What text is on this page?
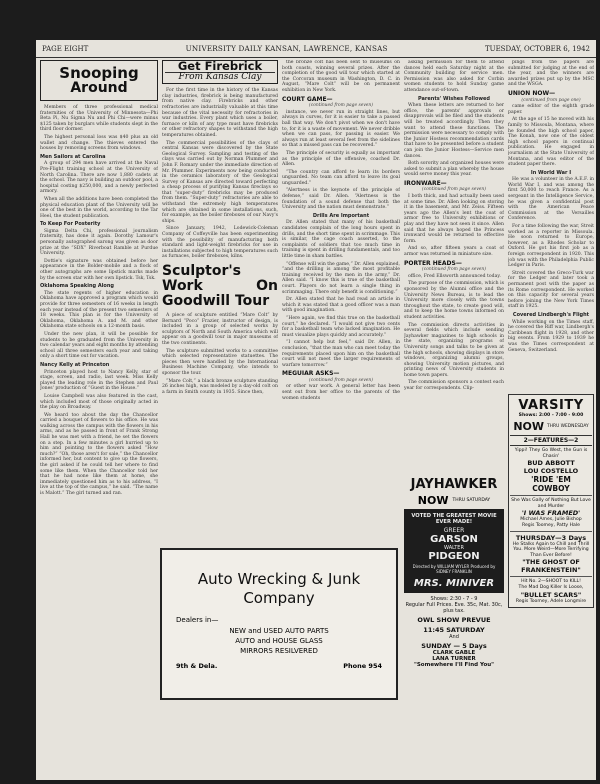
PAGE EIGHT	UNIVERSITY DAILY KANSAN, LAWRENCE, KANSAS	TUESDAY, OCTOBER 6, 1942
Snooping
Around

Members of three professional medical fraternities of the University of Minnesota—Phi Beta Pi, Nu Sigma Nu and Phi Chi—were minus $125 taken by burglars while students slept in the third floor dormer.

The highest personal loss was $40 plus an old wallet and change. The thieves entered the houses by removing screens from windows.

Men Sailors at Carolina

A group of 294 men have arrived at the Naval Pre-Flight training school at the University of North Carolina. There are now 1,880 cadets at the school. The navy is building an outdoor pool, a hospital costing $250,000, and a newly perfected armory.

When all the additions have been completed the physical education plant of the University will be one of the best in the world, according to the Tar Heel, the student publication.

To Keep For Posterity

Sigma Delta Chi, professional journalism fraternity, has done it again. Dorothy Lamour's personally autographed sarong was given as door prize at the “SDX” Riverboat Ramble at Purdue University.

Dottie's signature was obtained before her appearance in the Bolder-mobile and a flock of other autographs are some lipstick marks made by the screen star with her own lipstick. Tsk, Tsk.

Oklahoma Speaking Along

The state regents of higher education in Oklahoma have approved a program which would provide for three semesters of 16 weeks in length each year instead of the present two semesters of 18 weeks. This plan is for the University of Oklahoma, Oklahoma A. and M. and other Oklahoma state schools on a 12-month basis.

Under the new plan, it will be possible for students to be graduated from the University in two calendar years and eight months by attending school all three semesters each year and taking only a short time out for vacation.

Nancy Kelly at Princeton

Princeton played host to Nancy Kelly, star of stage, screen, and radio, last week. Miss Kelly played the leading role in the Stephen and Paul Jones' production of “Guest in the House.”

Louise Campbell was also featured in the cast, which included most of those originally acted in the play on Broadway.

We heard too about the day the Chancellor carried a bouquet of flowers to his office. He was walking across the campus with the flowers in his arms, and as he passed in front of Frank Strong Hall he was met with a friend, he set the flowers on a step. In a few minutes a girl hurried up to him and pointing to the flowers asked “How much?” “Oh, those aren't for sale,” the Chancellor informed her, but content to give up the flowers, the girl asked if he could tell her where to find some like them. When the Chancellor told her that he had none like them at home, she immediately questioned him as to his address, “I live at the top of the campus,” he said. “The name is Malott.” The girl turned and ran.

Get Firebrick
From Kansas Clay

For the first time in the history of the Kansas clay industries, firebrick is being manufactured from native clay. Firebricks and other refractories are industrially valuable at this time because of the vital necessity for refractories in war industries. Every plant which uses a boiler, furnace or kiln of any type must have firebricks or other refractory shapes to withstand the high temperatures obtained.

The commercial possibilities of the clays of central Kansas were discovered by the State Geological Survey. Sampling and testing of the clays was carried out by Norman Plummer and John F. Romary under the immediate direction of Mr. Plummer. Experiments now being conducted in the ceramics laboratory of the Geological Survey of Kansas are directed toward perfecting a cheap process of purifying Kansas fireclays so that “super-duty” firebricks may be produced from them. “Super-duty” refractories are able to withstand the extremely high temperatures which are obtained in some installations, such, for example, as the boiler fireboxes of our Navy's ships.

Since January, 1942, Lodewick-Coleman Company of Coffeyville has been experimenting with the possibility of manufacturing both standard and light-weight firebricks for use in installations subjected to high temperatures such as furnaces, boiler fireboxes, kilns.

Sculptor's Work On Goodwill Tour

A piece of sculpture entitled “Mare Colt” by Bernard “Poco” Frazier, instructor of design, is included in a group of selected works by sculptors of North and South America which will appear on a goodwill tour in major museums of the two continents.

The sculpture submitted works to a committee which selected representative statuettes. The pieces then were handled by the International Business Machine Company, who intends to sponsor the tour.

“Mare Colt,” a black bronze sculpture standing 26 inches high, was modeled by a day-old colt on a farm in Smith county in 1935. Since then,

the bronze colt has been sent to museums on both coasts, winning several prizes. After the completion of the good will tour which started at the Corcoran museum in Washington, D. C. in August, “Mare Colt” will be on permanent exhibition in New York.

COURT GAME—
(continued from page seven)

instance, we never run in straight lines, but always in curves, for it is easier to take a passed ball that way. We don't pivot when we don't have to, for it is a waste of movement. We never dribble when we can pass, for passing is easier. We always run at least several feet from the sidelines so that a missed pass can be recovered.”

The principle of security is equally as important as the principle of the offensive, coached Dr. Allen.

“The country can afford to learn its borders unguarded. No team can afford to leave its goal unguarded.”

“Alertness is the keynote of the principle of defense,” said Dr. Allen. “Alertness is the foundation of a sound defense that both the University and the nation must demonstrate.”

Drills Are Important

Dr. Allen stated that many of his basketball candidates complain of the long hours spent in drills, and the short time spent in scrimmage. This is similar, the cage coach asserted, to the complaints of soldiers that too much time in training is spent in drilling fundamentals, and too little time in sham battles.

“Offense will win the game,” Dr. Allen explained, “and the drilling is among the most profitable training received by the men in the army,” Dr. Allen said. “I know this is true of the basketball court. Players do not learn a single thing in scrimmaging. There only benefit is conditioning.”

Dr. Allen stated that he had read an article in which it was stated that a good officer was a man with good imagination.

“Here again, we find this true on the basketball court,” he declared. “I would not give two cents for a basketball team who lacked imagination. He must visualize plays quickly and accurately.”

“I cannot help but feel,” said Dr. Allen, in conclusion, “that the man who can meet today the requirements placed upon him on the basketball court will not meet the larger requirements of warfare tomorrow.”

MEGUIAR ASKS—
(continued from page seven)

or other war work. A general letter has been sent out from her office to the parents of the women students

Auto Wrecking & Junk
Company
Dealers in—
NEW and USED AUTO PARTS
AUTO and HOUSE GLASS
MIRRORS RESILVERED
9th & Dela.	Phone 954

asking permission for them to attend dances held each Saturday night at the Community building for service men. Permission was also asked for Corbin women students to hold Sunday game attendance out-of-town.

Parents' Wishes Followed

When these letters are returned to her office, the parents' approvals or disapprovals will be filed and the students will be treated accordingly. Then they want to attend these functions. The permission were necessary to comply with the Junior Hostess recommendation cards that have to be presented before a student can join the Junior Hostess—Service men dances.

Both sorority and organized houses were asked to submit a plan whereby the house would serve money this year.

IRONWARE—
(continued from page seven)

I both thick, and had actually been used at some time. Dr. Allen looking on storing it in the basement, and Mr. Zeiss. Fifteen years ago the Allen's lent the coat of armor free to University exhibitions or play and they have not seen it since. Allen said that he always hoped the Princess ironward would be returned to effective form.

And so, after fifteen years a coat of armor was returned in miniature size.

PORTER HEADS—
(continued from page seven)

office, Fred Ellsworth announced today.

The purpose of the commission, which is sponsored by the Alumni office and the University News Bureau, is to lead the University more closely with the towns throughout the state, to create good will, and to keep the home towns informed on student activities.

The commission directs activities in several fields which include sending Jayhawker magazines to high schools in the state, organizing programs of University songs and talks to be given at the high schools, showing displays in store windows, organizing alumni groups, showing University motion pictures, and printing news of University students in home town papers.

The commission sponsors a contest each year for correspondents. Clip-

JAYHAWKER
NOW THRU SATURDAY
VOTED THE GREATEST MOVIE EVER MADE!
GREER
GARSON
WALTER
PIDGEON
Directed by WILLIAM WYLER Produced by SIDNEY FRANKLIN
MRS. MINIVER
Shows: 2:30 - 7 - 9
Regular Full Prices. Eve. 35c, Mat. 30c, plus tax.
OWL SHOW PREVUE
11:45 SATURDAY
And
SUNDAY — 5 Days
CLARK GABLE
LANA TURNER
"Somewhere I'll Find You"

pings from the papers are submitted for judging at the end of the year, and the winners are awarded prizes put up by the MSC and the WSGA.

UNION NOW—
(continued from page one)

came editor of the eighth grade paper.

At the age of 15 he moved with his family to Missoula, Montana, where he founded the high school paper, The Konah, now one of the oldest high school papers in continual publication. He engaged in journalism at the State University of Montana, and was editor of the student paper there.

In World War I

He was a volunteer in the A.E.F. in World War I, and was among the first 50,000 to reach France. As a sergeant in the Intelligence Service, he was given a confidential post with the American Peace Commission at the Versailles Conference.

For a time following the war, Streit worked as a reporter in Missoula. He soon returned to Europe, however, as a Rhodes Scholar to Oxford. He got his first job as a foreign correspondent in 1920. This job was with the Philadelphia Public Ledger in Paris.

Streit covered the Greco-Turk war for the Ledger and later took a permanent post with the paper as its Rome correspondent. He worked on this capacity for several years before joining the New York Times staff in 1925.

Covered Lindbergh's Flight

While working on the Times staff, he covered the Riff war, Lindbergh's Caribbean flight in 1928, and other big events. From 1929 to 1939 he was the Times correspondent at Geneva, Switzerland.

VARSITY
Shows: 2:00 - 7:00 - 9:00
NOW THRU WEDNESDAY
2—FEATURES—2
Yippi! They Go West, the Gun is Chasin'
BUD ABBOTT
LOU COSTELLO
'RIDE 'EM
COWBOY
She Was Gally of Nothing But Love and Murder
'I WAS FRAMED'
Michael Ames, Julie Bishop
Regis Toomey, Patty Hale
THURSDAY—3 Days
He Stalks Again to Chill and Thrill You. More Weird—More Terrifying Than Ever Before!
"THE GHOST OF
FRANKENSTEIN"
Hit No. 2—SHOOT to KILL!
The Mad Dog Killer Is Loose,
"BULLET SCARS"
Regis Toomey, Adele Longmire
